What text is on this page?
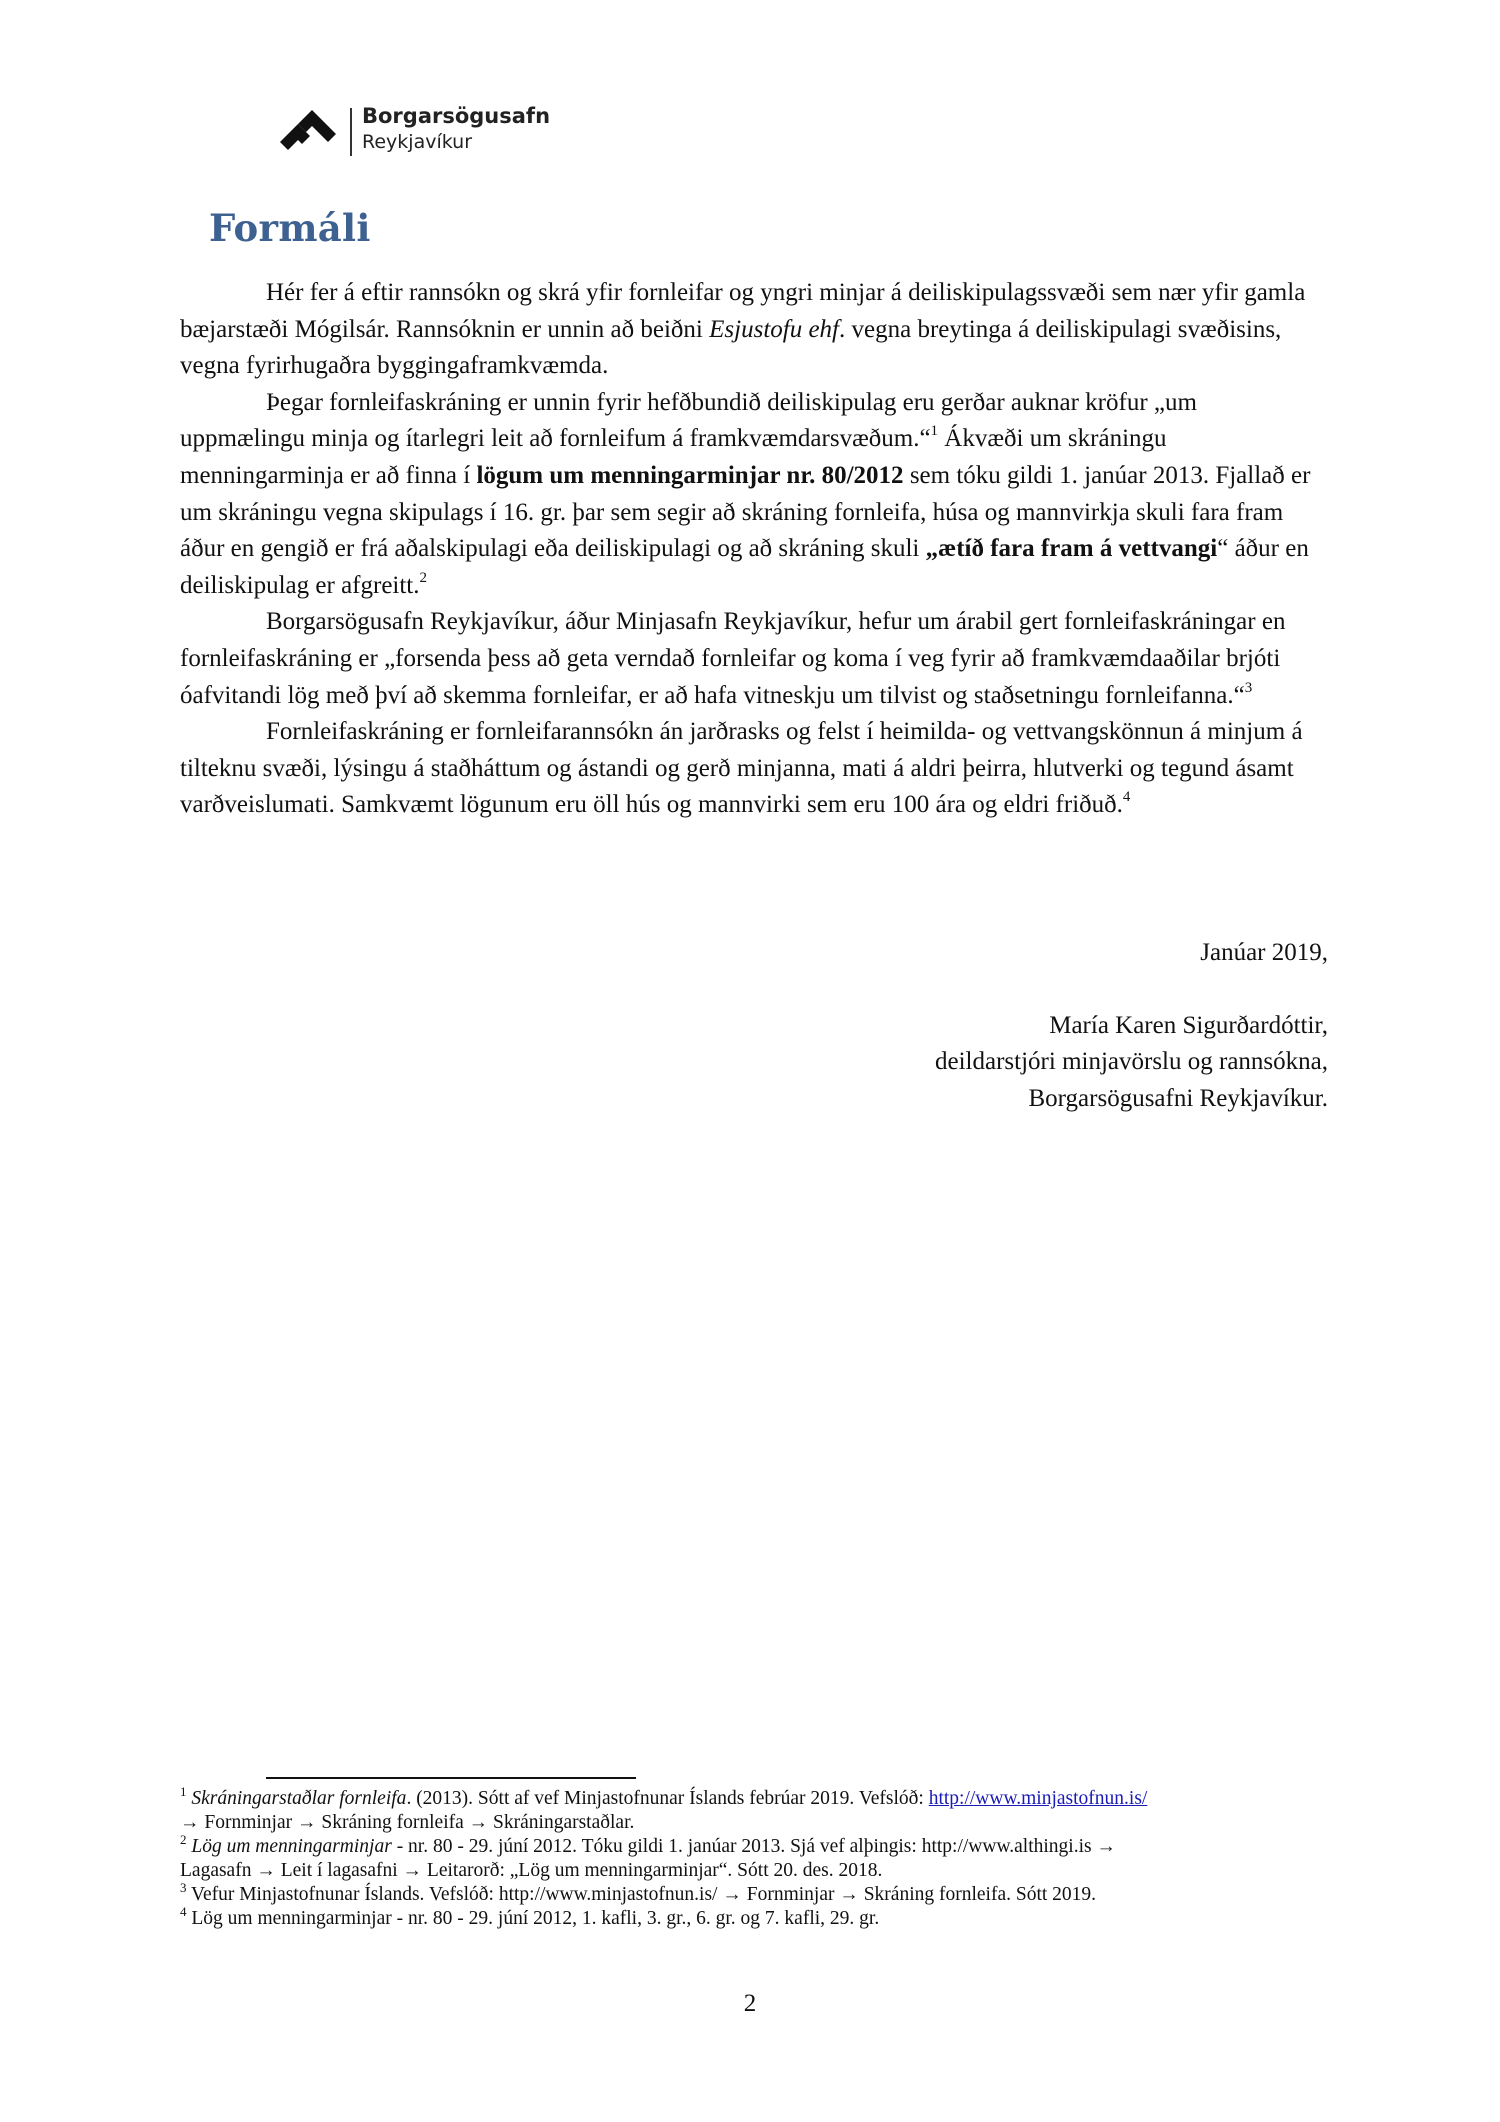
Borgarsögusafn
Reykjavíkur
Formáli

Hér fer á eftir rannsókn og skrá yfir fornleifar og yngri minjar á deiliskipulagssvæði sem nær yfir gamla bæjarstæði Mógilsár. Rannsóknin er unnin að beiðni Esjustofu ehf. vegna breytinga á deiliskipulagi svæðisins, vegna fyrirhugaðra byggingaframkvæmda.

Þegar fornleifaskráning er unnin fyrir hefðbundið deiliskipulag eru gerðar auknar kröfur „um uppmælingu minja og ítarlegri leit að fornleifum á framkvæmdarsvæðum.“$^1$ Ákvæði um skráningu menningarminja er að finna í lögum um menningarminjar nr. 80/2012 sem tóku gildi 1. janúar 2013. Fjallað er um skráningu vegna skipulags í 16. gr. þar sem segir að skráning fornleifa, húsa og mannvirkja skuli fara fram áður en gengið er frá aðalskipulagi eða deiliskipulagi og að skráning skuli „ætíð fara fram á vettvangi“ áður en deiliskipulag er afgreitt.$^2$

Borgarsögusafn Reykjavíkur, áður Minjasafn Reykjavíkur, hefur um árabil gert fornleifaskráningar en fornleifaskráning er „forsenda þess að geta verndað fornleifar og koma í veg fyrir að framkvæmdaaðilar brjóti óafvitandi lög með því að skemma fornleifar, er að hafa vitneskju um tilvist og staðsetningu fornleifanna.“$^3$

Fornleifaskráning er fornleifarannsókn án jarðrasks og felst í heimilda- og vettvangskönnun á minjum á tilteknu svæði, lýsingu á staðháttum og ástandi og gerð minjanna, mati á aldri þeirra, hlutverki og tegund ásamt varðveislumati. Samkvæmt lögunum eru öll hús og mannvirki sem eru 100 ára og eldri friðuð.$^4$

Janúar 2019,
María Karen Sigurðardóttir,
deildarstjóri minjavörslu og rannsókna,
Borgarsögusafni Reykjavíkur.

$^1$ Skráningarstaðlar fornleifa. (2013). Sótt af vef Minjastofnunar Íslands febrúar 2019. Vefslóð: http://www.minjastofnun.is/
→ Fornminjar → Skráning fornleifa → Skráningarstaðlar.

$^2$ Lög um menningarminjar - nr. 80 - 29. júní 2012. Tóku gildi 1. janúar 2013. Sjá vef alþingis: http://www.althingi.is →
Lagasafn → Leit í lagasafni → Leitarorð: „Lög um menningarminjar“. Sótt 20. des. 2018.

$^3$ Vefur Minjastofnunar Íslands. Vefslóð: http://www.minjastofnun.is/ → Fornminjar → Skráning fornleifa. Sótt 2019.

$^4$ Lög um menningarminjar - nr. 80 - 29. júní 2012, 1. kafli, 3. gr., 6. gr. og 7. kafli, 29. gr.

2
